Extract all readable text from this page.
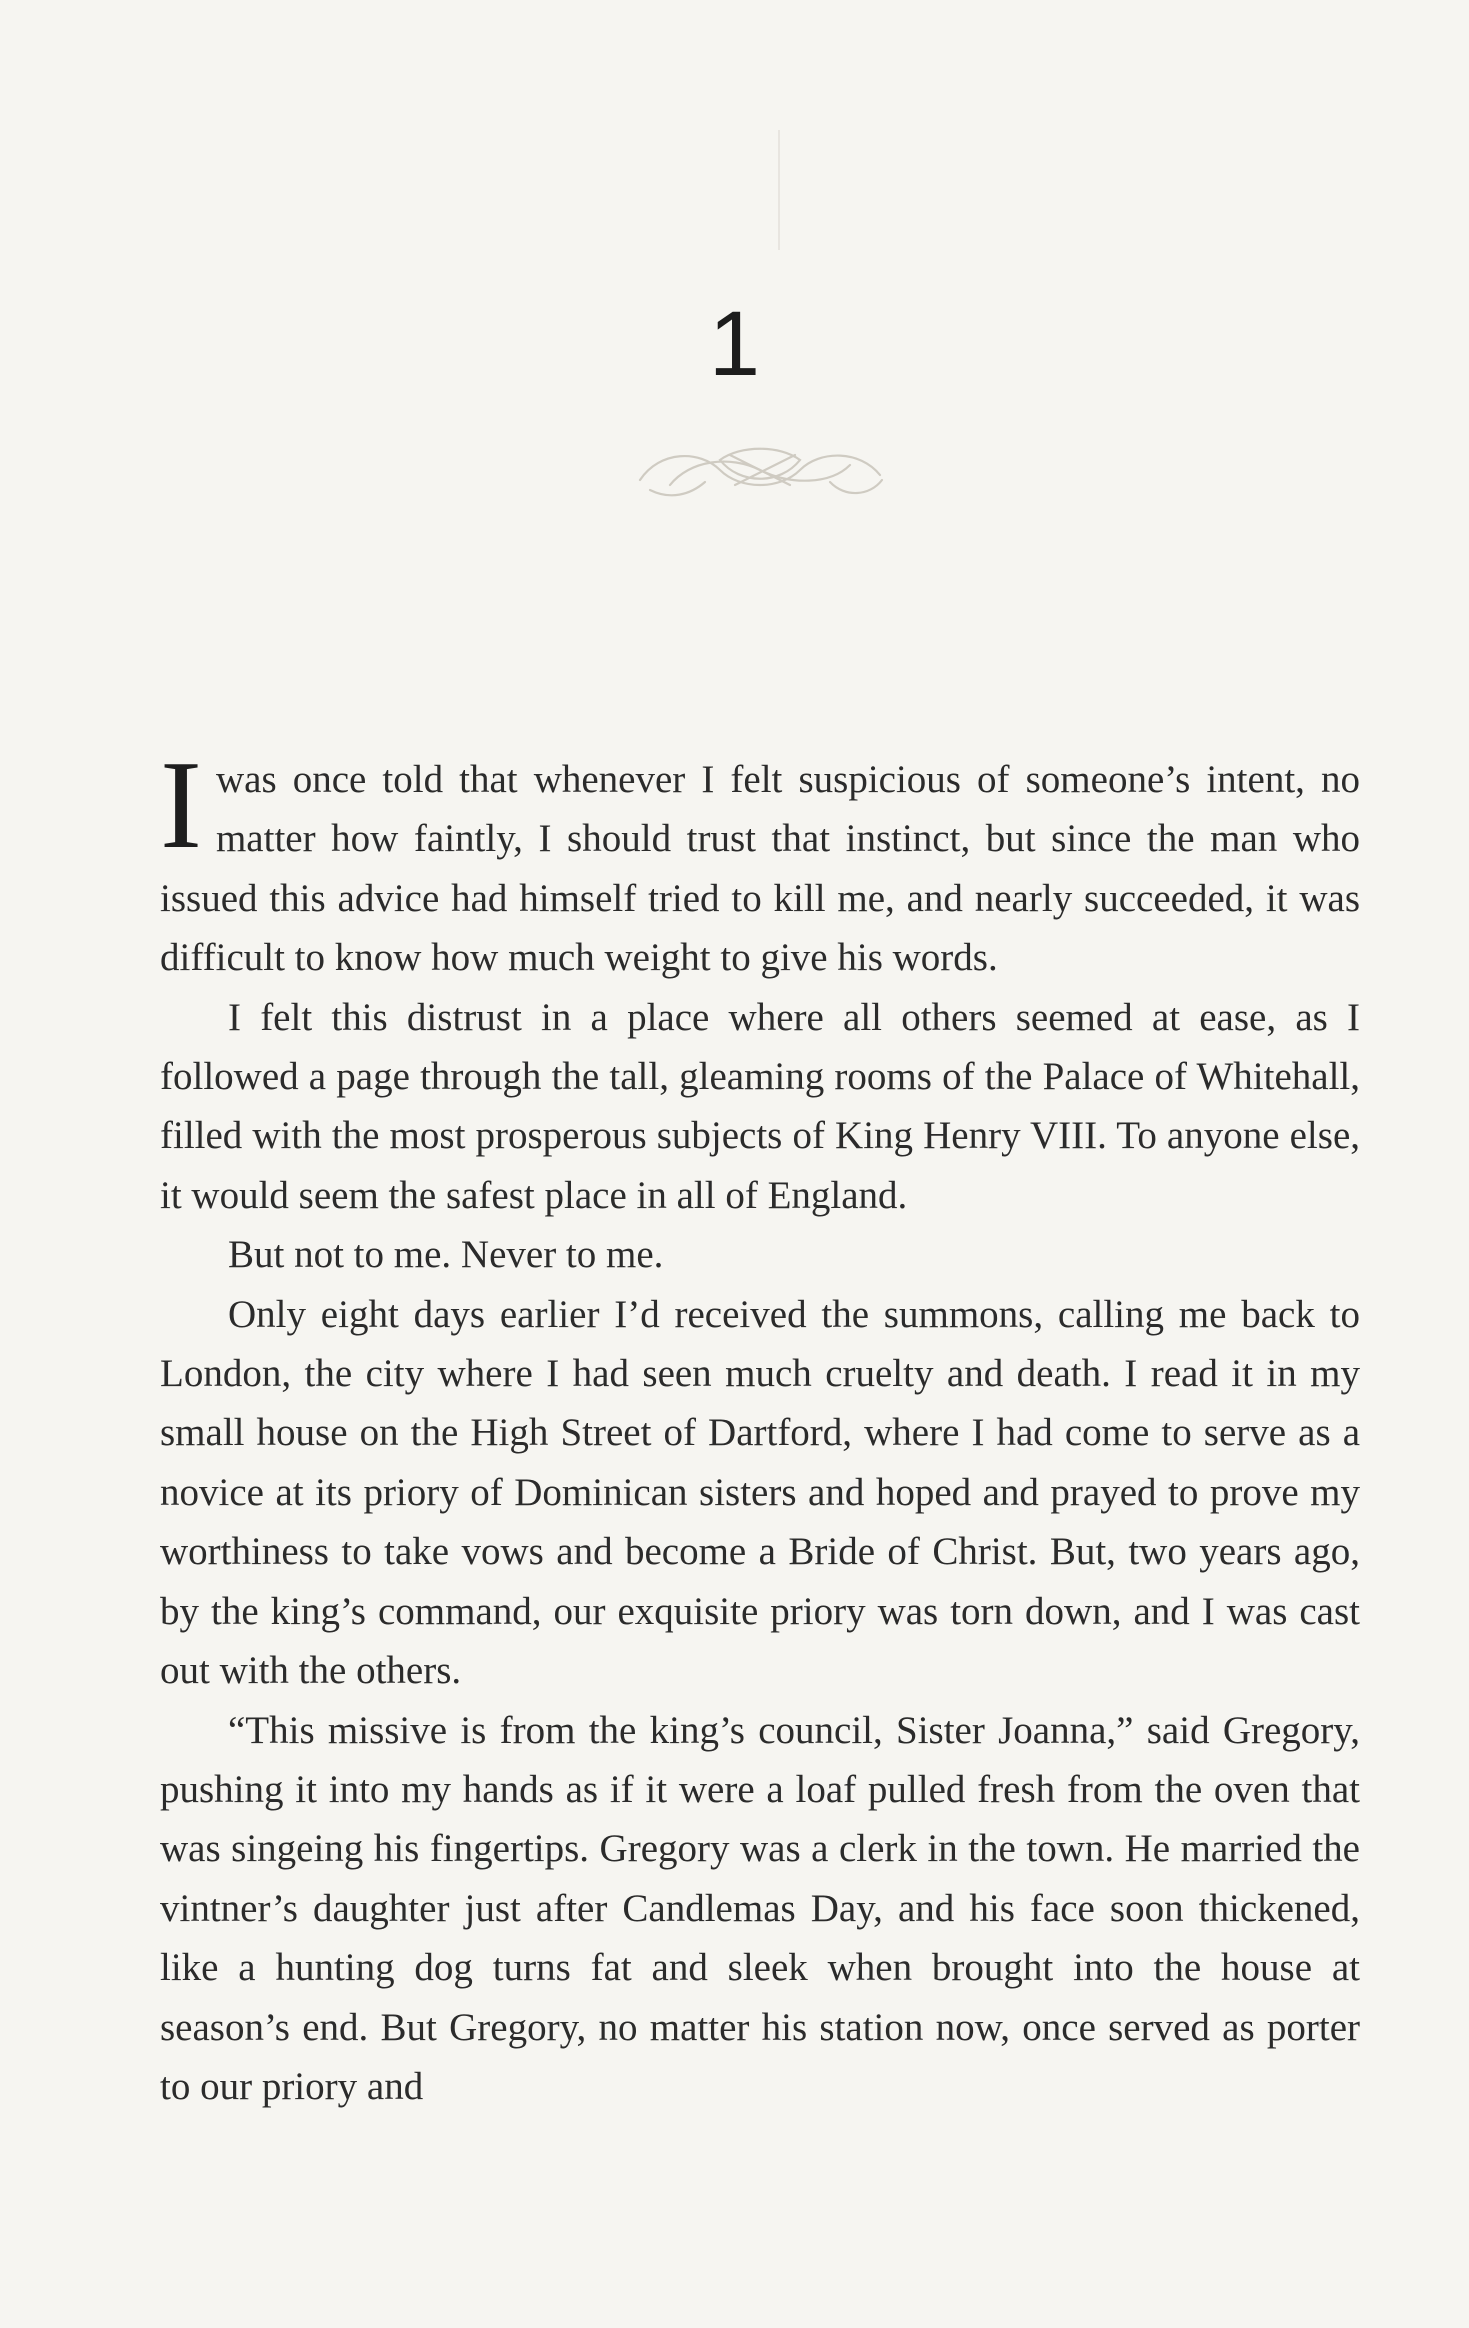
1

Iwas once told that whenever I felt suspicious of someone’s intent, no matter how faintly, I should trust that instinct, but since the man who issued this advice had himself tried to kill me, and nearly succeeded, it was difficult to know how much weight to give his words.

I felt this distrust in a place where all others seemed at ease, as I followed a page through the tall, gleaming rooms of the Palace of Whitehall, filled with the most prosperous subjects of King Henry VIII. To anyone else, it would seem the safest place in all of England.

But not to me. Never to me.

Only eight days earlier I’d received the summons, calling me back to London, the city where I had seen much cruelty and death. I read it in my small house on the High Street of Dartford, where I had come to serve as a novice at its priory of Dominican sisters and hoped and prayed to prove my worthiness to take vows and become a Bride of Christ. But, two years ago, by the king’s command, our exquisite priory was torn down, and I was cast out with the others.

“This missive is from the king’s council, Sister Joanna,” said Gregory, pushing it into my hands as if it were a loaf pulled fresh from the oven that was singeing his fingertips. Gregory was a clerk in the town. He married the vintner’s daughter just after Candlemas Day, and his face soon thickened, like a hunting dog turns fat and sleek when brought into the house at season’s end. But Gregory, no matter his station now, once served as porter to our priory and
